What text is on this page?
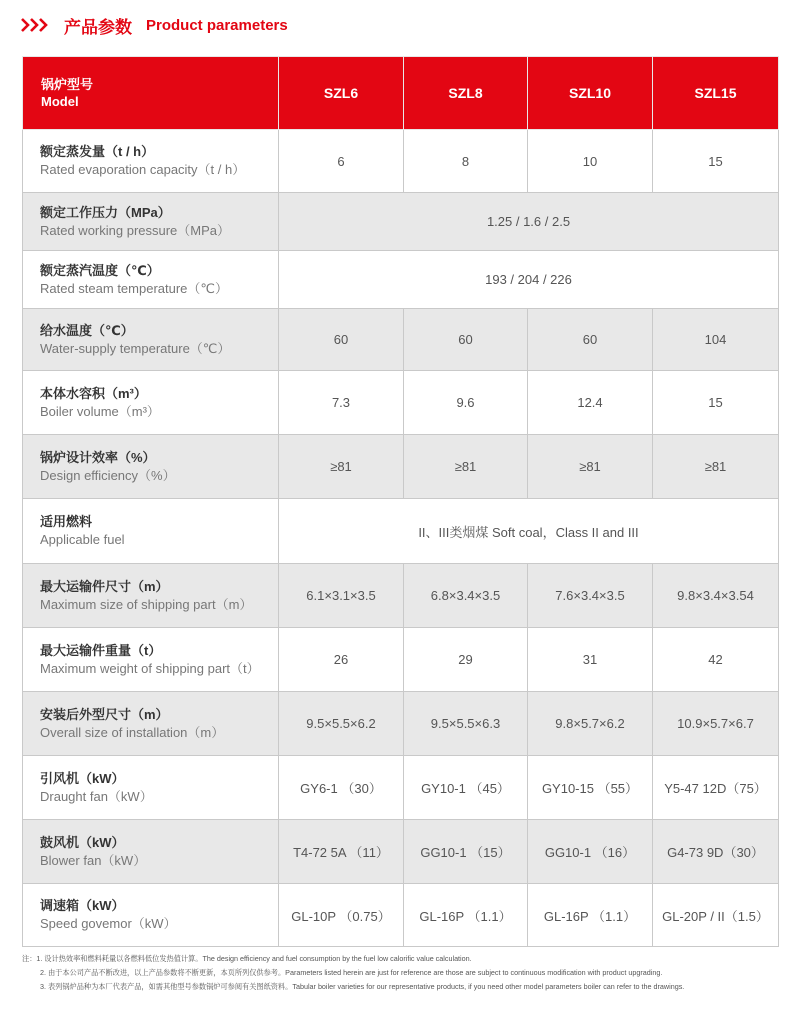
产品参数 Product parameters
锅炉型号
Model	SZL6	SZL8	SZL10	SZL15

额定蒸发量（t / h）
Rated evaporation capacity（t / h）	6	8	10	15

额定工作压力（MPa）
Rated working pressure（MPa）	1.25 / 1.6 / 2.5			

额定蒸汽温度（℃）
Rated steam temperature（℃）	193 / 204 / 226			

给水温度（℃）
Water-supply temperature（℃）	60	60	60	104

本体水容积（m³）
Boiler volume（m³）	7.3	9.6	12.4	15

锅炉设计效率（%）
Design efficiency（%）	≥81	≥81	≥81	≥81

适用燃料
Applicable fuel	II、III类烟煤 Soft coal，Class II and III			

最大运输件尺寸（m）
Maximum size of shipping part（m）	6.1×3.1×3.5	6.8×3.4×3.5	7.6×3.4×3.5	9.8×3.4×3.54

最大运输件重量（t）
Maximum weight of shipping part（t）	26	29	31	42

安装后外型尺寸（m）
Overall size of installation（m）	9.5×5.5×6.2	9.5×5.5×6.3	9.8×5.7×6.2	10.9×5.7×6.7

引风机（kW）
Draught fan（kW）	GY6-1 （30）	GY10-1 （45）	GY10-15 （55）	Y5-47 12D（75）

鼓风机（kW）
Blower fan（kW）	T4-72 5A （11）	GG10-1 （15）	GG10-1 （16）	G4-73 9D（30）

调速箱（kW）
Speed govemor（kW）	GL-10P （0.75）	GL-16P （1.1）	GL-16P （1.1）	GL-20P / II（1.5）
注：1. 设计热效率和燃料耗量以各燃料低位发热值计算。The design efficiency and fuel consumption by the fuel low calorific value calculation.
2. 由于本公司产品不断改进，以上产品参数将不断更新，本页所列仅供参考。Parameters listed herein are just for reference are those are subject to continuous modification with product upgrading.
3. 表列锅炉品种为本厂代表产品，如需其他型号参数锅炉可参阅有关图纸资料。Tabular boiler varieties for our representative products, if you need other model parameters boiler can refer to the drawings.
